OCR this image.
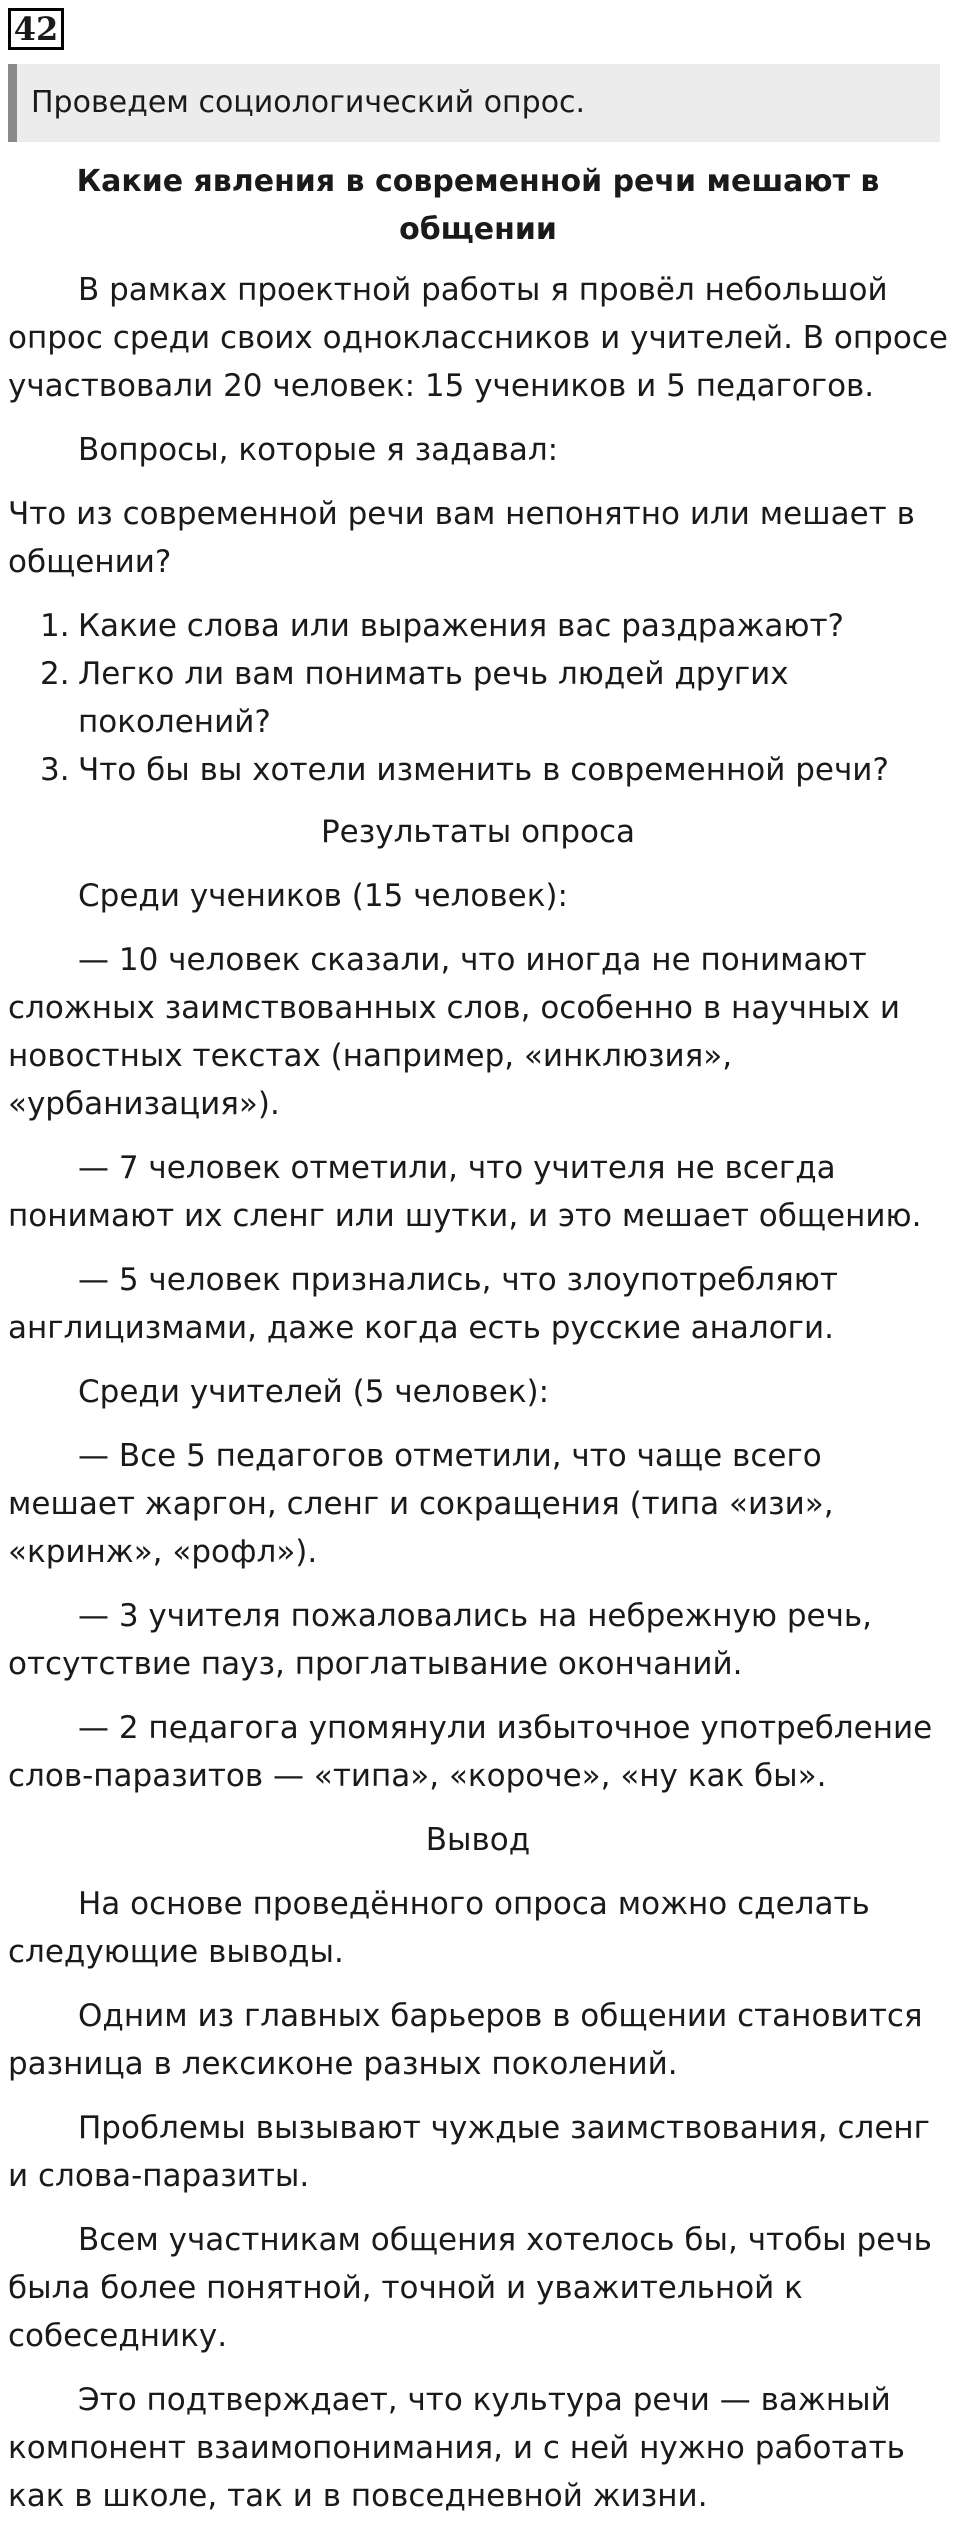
42
Проведем социологический опрос.

Какие явления в современной речи мешают в общении

В рамках проектной работы я провёл небольшой опрос среди своих одноклассников и учителей. В опросе участвовали 20 человек: 15 учеников и 5 педагогов.

Вопросы, которые я задавал:

Что из современной речи вам непонятно или мешает в общении?

1. Какие слова или выражения вас раздражают?
2. Легко ли вам понимать речь людей других поколений?
3. Что бы вы хотели изменить в современной речи?

Результаты опроса

Среди учеников (15 человек):

— 10 человек сказали, что иногда не понимают сложных заимствованных слов, особенно в научных и новостных текстах (например, «инклюзия», «урбанизация»).

— 7 человек отметили, что учителя не всегда понимают их сленг или шутки, и это мешает общению.

— 5 человек признались, что злоупотребляют англицизмами, даже когда есть русские аналоги.

Среди учителей (5 человек):

— Все 5 педагогов отметили, что чаще всего мешает жаргон, сленг и сокращения (типа «изи», «кринж», «рофл»).

— 3 учителя пожаловались на небрежную речь, отсутствие пауз, проглатывание окончаний.

— 2 педагога упомянули избыточное употребление слов-паразитов — «типа», «короче», «ну как бы».

Вывод

На основе проведённого опроса можно сделать следующие выводы.

Одним из главных барьеров в общении становится разница в лексиконе разных поколений.

Проблемы вызывают чуждые заимствования, сленг и слова-паразиты.

Всем участникам общения хотелось бы, чтобы речь была более понятной, точной и уважительной к собеседнику.

Это подтверждает, что культура речи — важный компонент взаимопонимания, и с ней нужно работать как в школе, так и в повседневной жизни.
